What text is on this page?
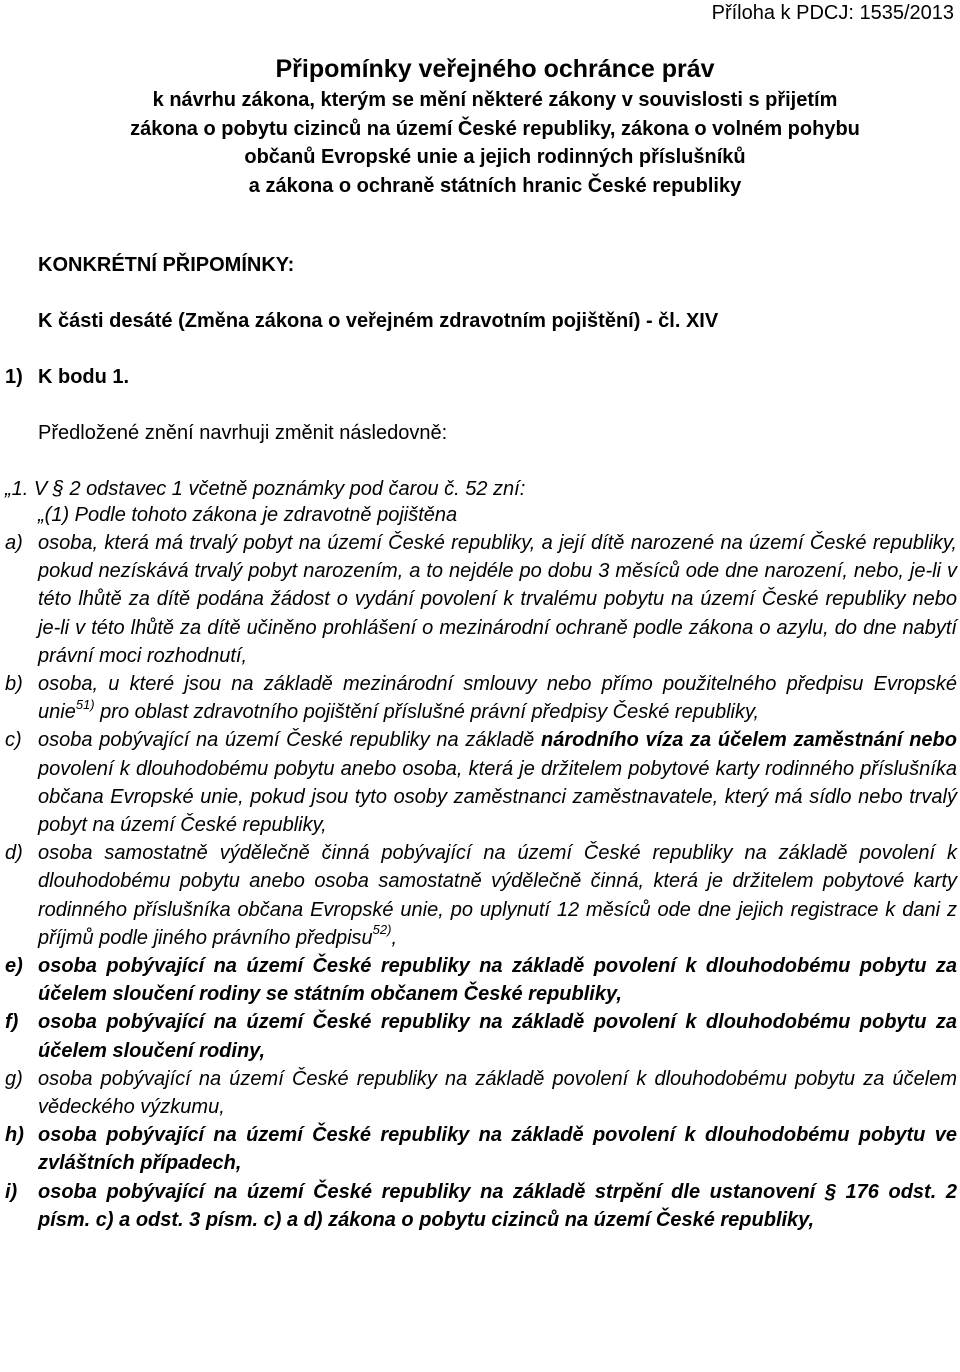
Příloha k PDCJ: 1535/2013
Připomínky veřejného ochránce práv
k návrhu zákona, kterým se mění některé zákony v souvislosti s přijetím
zákona o pobytu cizinců na území České republiky, zákona o volném pohybu
občanů Evropské unie a jejich rodinných příslušníků
a zákona o ochraně státních hranic České republiky
KONKRÉTNÍ PŘIPOMÍNKY:
K části desáté (Změna zákona o veřejném zdravotním pojištění) - čl. XIV
1) K bodu 1.
Předložené znění navrhuji změnit následovně:
„1. V § 2 odstavec 1 včetně poznámky pod čarou č. 52 zní:
„(1) Podle tohoto zákona je zdravotně pojištěna
a) osoba, která má trvalý pobyt na území České republiky, a její dítě narozené na území České republiky, pokud nezískává trvalý pobyt narozením, a to nejdéle po dobu 3 měsíců ode dne narození, nebo, je-li v této lhůtě za dítě podána žádost o vydání povolení k trvalému pobytu na území České republiky nebo je-li v této lhůtě za dítě učiněno prohlášení o mezinárodní ochraně podle zákona o azylu, do dne nabytí právní moci rozhodnutí,
b) osoba, u které jsou na základě mezinárodní smlouvy nebo přímo použitelného předpisu Evropské unie$^{51)}$ pro oblast zdravotního pojištění příslušné právní předpisy České republiky,
c) osoba pobývající na území České republiky na základě národního víza za účelem zaměstnání nebo povolení k dlouhodobému pobytu anebo osoba, která je držitelem pobytové karty rodinného příslušníka občana Evropské unie, pokud jsou tyto osoby zaměstnanci zaměstnavatele, který má sídlo nebo trvalý pobyt na území České republiky,
d) osoba samostatně výdělečně činná pobývající na území České republiky na základě povolení k dlouhodobému pobytu anebo osoba samostatně výdělečně činná, která je držitelem pobytové karty rodinného příslušníka občana Evropské unie, po uplynutí 12 měsíců ode dne jejich registrace k dani z příjmů podle jiného právního předpisu$^{52)}$,
e) osoba pobývající na území České republiky na základě povolení k dlouhodobému pobytu za účelem sloučení rodiny se státním občanem České republiky,
f) osoba pobývající na území České republiky na základě povolení k dlouhodobému pobytu za účelem sloučení rodiny,
g) osoba pobývající na území České republiky na základě povolení k dlouhodobému pobytu za účelem vědeckého výzkumu,
h) osoba pobývající na území České republiky na základě povolení k dlouhodobému pobytu ve zvláštních případech,
i) osoba pobývající na území České republiky na základě strpění dle ustanovení § 176 odst. 2 písm. c) a odst. 3 písm. c) a d) zákona o pobytu cizinců na území České republiky,
